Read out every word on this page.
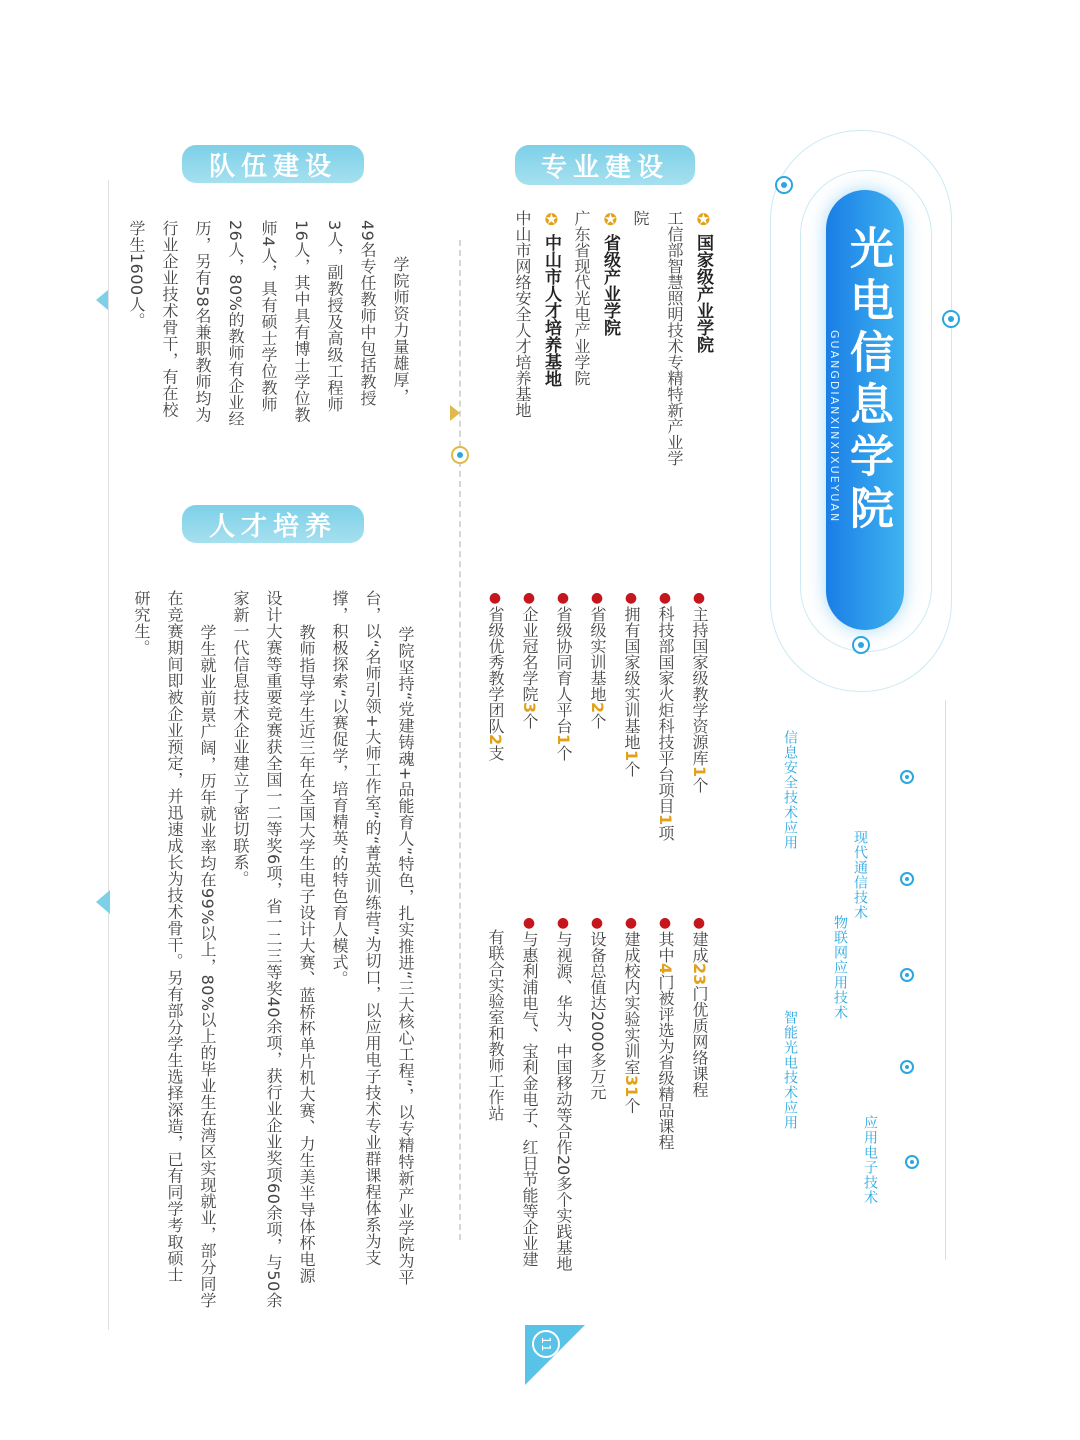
光电信息学院
GUANGDIANXINXIXUEYUAN
信息安全技术应用
现代通信技术
物联网应用技术
智能光电技术应用
应用电子技术
专业建设
✪ 国家级产业学院
工信部智慧照明技术专精特新产业学院
✪ 省级产业学院
广东省现代光电产业学院
✪ 中山市人才培养基地
中山市网络安全人才培养基地
●主持国家级教学资源库1个
●科技部国家火炬科技平台项目1项
●拥有国家级实训基地1个
●省级实训基地2个
●省级协同育人平台1个
●企业冠名学院3个
●省级优秀教学团队2支
●建成23门优质网络课程
●其中4门被评选为省级精品课程
●建成校内实验实训室31个
●设备总值达2000多万元
●与视源、华为、中国移动等合作20多个实践基地
●与惠利浦电气、宝利金电子、红日节能等企业建
有联合实验室和教师工作站
队伍建设
学院师资力量雄厚，
49名专任教师中包括教授
3人，副教授及高级工程师
16人，其中具有博士学位教
师4人，具有硕士学位教师
26人，80%的教师有企业经
历，另有58名兼职教师均为
行业企业技术骨干，有在校
学生1600人。
人才培养
学院坚持“党建铸魂+品能育人”特色，扎实推进“三大核心工程”，以专精特新产业学院为平
台，以“名师引领+大师工作室”的“菁英训练营”为切口，以应用电子技术专业群课程体系为支
撑，积极探索“以赛促学，培育精英”的特色育人模式。
教师指导学生近三年在全国大学生电子设计大赛、蓝桥杯单片机大赛、力生美半导体杯电源
设计大赛等重要竞赛获全国一二等奖6项，省一二三等奖40余项，获行业企业奖项60余项，与50余
家新一代信息技术企业建立了密切联系。
学生就业前景广阔，历年就业率均在99%以上，80%以上的毕业生在湾区实现就业，部分同学
在竞赛期间即被企业预定，并迅速成长为技术骨干。另有部分学生选择深造，已有同学考取硕士
研究生。
11
